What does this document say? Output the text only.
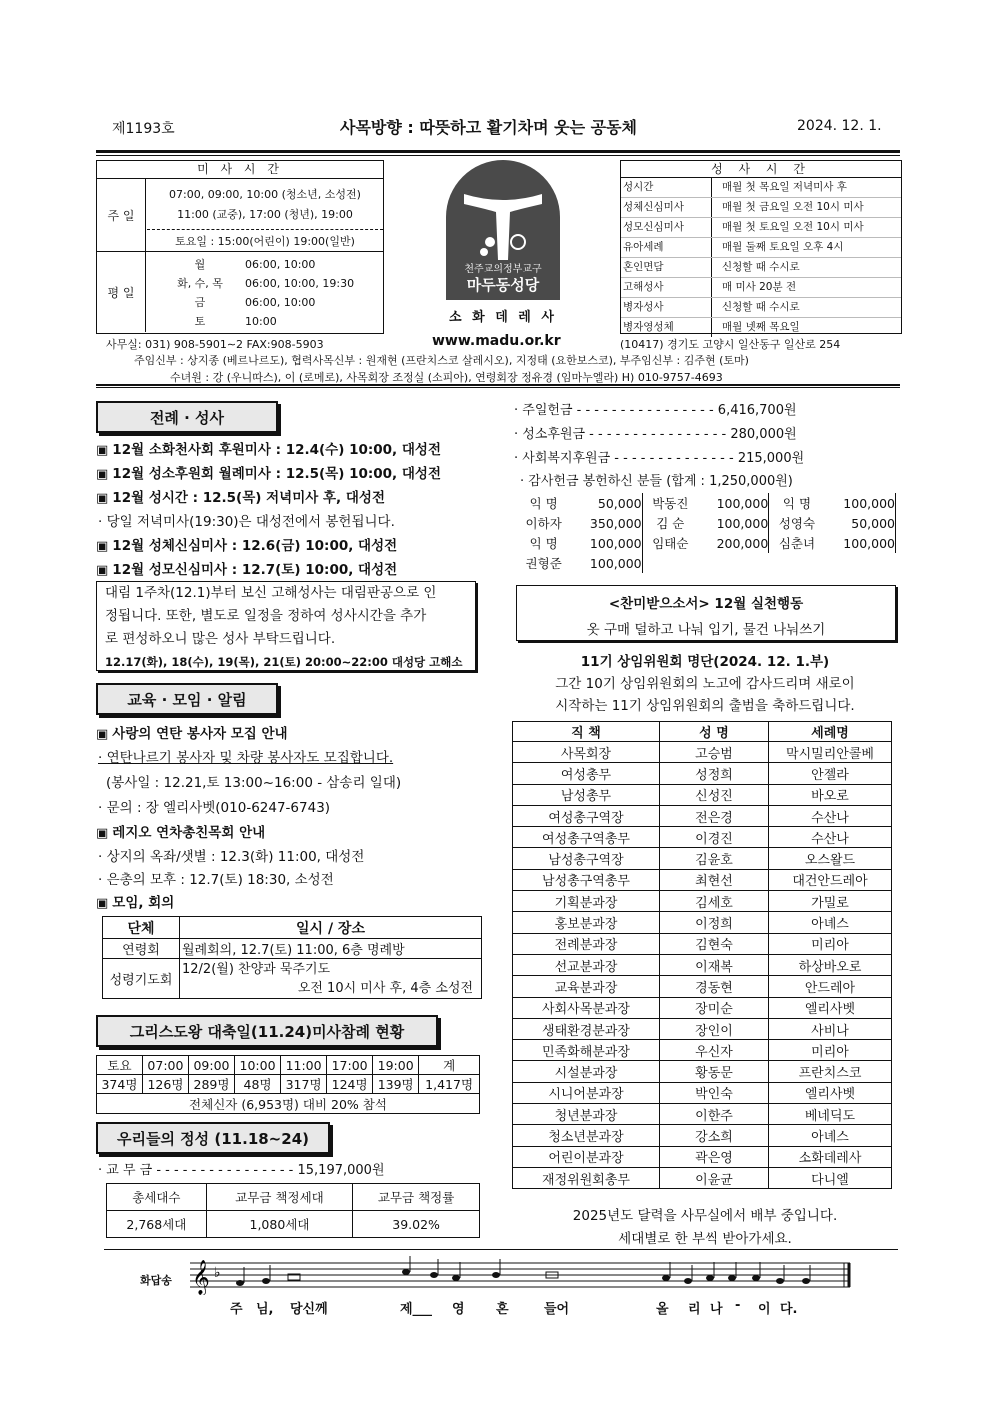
제1193호	사목방향 : 따뜻하고 활기차며 웃는 공동체	2024. 12. 1.
미 사 시 간
주 일
07:00, 09:00, 10:00 (청소년, 소성전)
11:00 (교중), 17:00 (청년), 19:00
토요일 : 15:00(어린이) 19:00(일반)
평 일
월	06:00, 10:00
화, 수, 목	06:00, 10:00, 19:30
금	06:00, 10:00
토	10:00
천주교의정부교구
마두동성당
소 화 데 레 사
www.madu.or.kr
성 사 시 간
성시간	매월 첫 목요일 저녁미사 후
성체신심미사	매월 첫 금요일 오전 10시 미사
성모신심미사	매월 첫 토요일 오전 10시 미사
유아세례	매월 둘째 토요일 오후 4시
혼인면담	신청할 때 수시로
고해성사	매 미사 20분 전
병자성사	신청할 때 수시로
병자영성체	매월 넷째 목요일
사무실: 031) 908-5901∼2 FAX:908-5903	(10417) 경기도 고양시 일산동구 일산로 254
주임신부 : 상지종 (베르나르도), 협력사목신부 : 원재현 (프란치스코 살레시오), 지정태 (요한보스코), 부주임신부 : 김주현 (토마)
수녀원 : 강 (우니따스), 이 (로메로), 사목회장 조정실 (소피아), 연령회장 정유경 (임마누엘라) H) 010-9757-4693
전례 · 성사
▣ 12월 소화천사회 후원미사 : 12.4(수) 10:00, 대성전
▣ 12월 성소후원회 월례미사 : 12.5(목) 10:00, 대성전
▣ 12월 성시간 : 12.5(목) 저녁미사 후, 대성전
· 당일 저녁미사(19:30)은 대성전에서 봉헌됩니다.
▣ 12월 성체신심미사 : 12.6(금) 10:00, 대성전
▣ 12월 성모신심미사 : 12.7(토) 10:00, 대성전
대림 1주차(12.1)부터 보신 고해성사는 대림판공으로 인
정됩니다. 또한, 별도로 일정을 정하여 성사시간을 추가
로 편성하오니 많은 성사 부탁드립니다.
12.17(화), 18(수), 19(목), 21(토) 20:00~22:00 대성당 고해소
교육 · 모임 · 알림
▣ 사랑의 연탄 봉사자 모집 안내
· 연탄나르기 봉사자 및 차량 봉사자도 모집합니다.
(봉사일 : 12.21,토 13:00~16:00 - 삼송리 일대)
· 문의 : 장 엘리사벳(010-6247-6743)
▣ 레지오 연차총친목회 안내
· 상지의 옥좌/샛별 : 12.3(화) 11:00, 대성전
· 은총의 모후 : 12.7(토) 18:30, 소성전
▣ 모임, 회의
단체	일시 / 장소
연령회	월례회의, 12.7(토) 11:00, 6층 명례방
성령기도회	12/2(월) 찬양과 묵주기도
오전 10시 미사 후, 4층 소성전
그리스도왕 대축일(11.24)미사참례 현황
토요	07:00	09:00	10:00	11:00	17:00	19:00	계
374명	126명	289명	48명	317명	124명	139명	1,417명
전체신자 (6,953명) 대비 20% 참석							
우리들의 정성 (11.18~24)
· 교 무 금 - - - - - - - - - - - - - - - - 15,197,000원
총세대수	교무금 책정세대	교무금 책정률
2,768세대	1,080세대	39.02%
· 주일헌금 - - - - - - - - - - - - - - - - 6,416,700원
· 성소후원금 - - - - - - - - - - - - - - - - 280,000원
· 사회복지후원금 - - - - - - - - - - - - - - 215,000원
· 감사헌금 봉헌하신 분들 (합계 : 1,250,000원)
익 명	50,000	박동진	100,000	익 명	100,000
이하자	350,000	김 순	100,000	성영숙	50,000
익 명	100,000	임태순	200,000	심춘녀	100,000
권형준	100,000				
<찬미받으소서> 12월 실천행동
옷 구매 덜하고 나눠 입기, 물건 나눠쓰기
11기 상임위원회 명단(2024. 12. 1.부)
그간 10기 상임위원회의 노고에 감사드리며 새로이
시작하는 11기 상임위원회의 출범을 축하드립니다.
직 책	성 명	세례명
사목회장	고승범	막시밀리안콜베
여성총무	성정희	안젤라
남성총무	신성진	바오로
여성총구역장	전은경	수산나
여성총구역총무	이경진	수산나
남성총구역장	김윤호	오스왈드
남성총구역총무	최현선	대건안드레아
기획분과장	김세호	가밀로
홍보분과장	이정희	아녜스
전례분과장	김현숙	미리아
선교분과장	이재복	하상바오로
교육분과장	경동현	안드레아
사회사목분과장	장미순	엘리사벳
생태환경분과장	장인이	사비나
민족화해분과장	우신자	미리아
시설분과장	황동문	프란치스코
시니어분과장	박인숙	엘리사벳
청년분과장	이한주	베네딕도
청소년분과장	강소희	아녜스
어린이분과장	곽은영	소화데레사
재정위원회총무	이윤균	다니엘
2025년도 달력을 사무실에서 배부 중입니다.
세대별로 한 부씩 받아가세요.
화답송 𝄞 ♭
주 님, 당신께	제___ 영 혼	들어	올 리 나 - 이 다.
